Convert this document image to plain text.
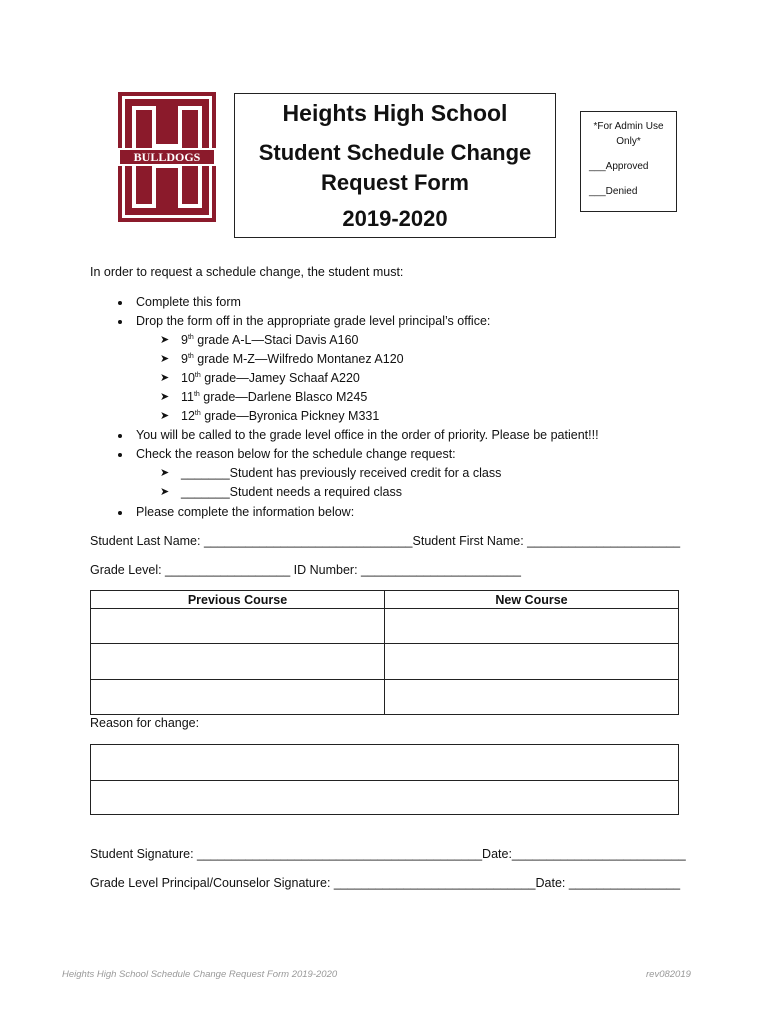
BULLDOGS
Heights High School
Student Schedule Change
Request Form
2019-2020
*For Admin Use Only*
___Approved
___Denied
In order to request a schedule change, the student must:
Complete this form
Drop the form off in the appropriate grade level principal’s office:
➤ 9th grade A-L—Staci Davis A160
➤ 9th grade M-Z—Wilfredo Montanez A120
➤ 10th grade—Jamey Schaaf A220
➤ 11th grade—Darlene Blasco M245
➤ 12th grade—Byronica Pickney M331
You will be called to the grade level office in the order of priority. Please be patient!!!
Check the reason below for the schedule change request:
➤ _______Student has previously received credit for a class
➤ _______Student needs a required class
Please complete the information below:
Student Last Name: ______________________________Student First Name: ______________________
Grade Level: __________________ ID Number: _______________________
Previous Course	New Course
Reason for change:
Student Signature: _________________________________________Date:_________________________
Grade Level Principal/Counselor Signature: _____________________________Date: ________________
Heights High School Schedule Change Request Form 2019-2020	rev082019
